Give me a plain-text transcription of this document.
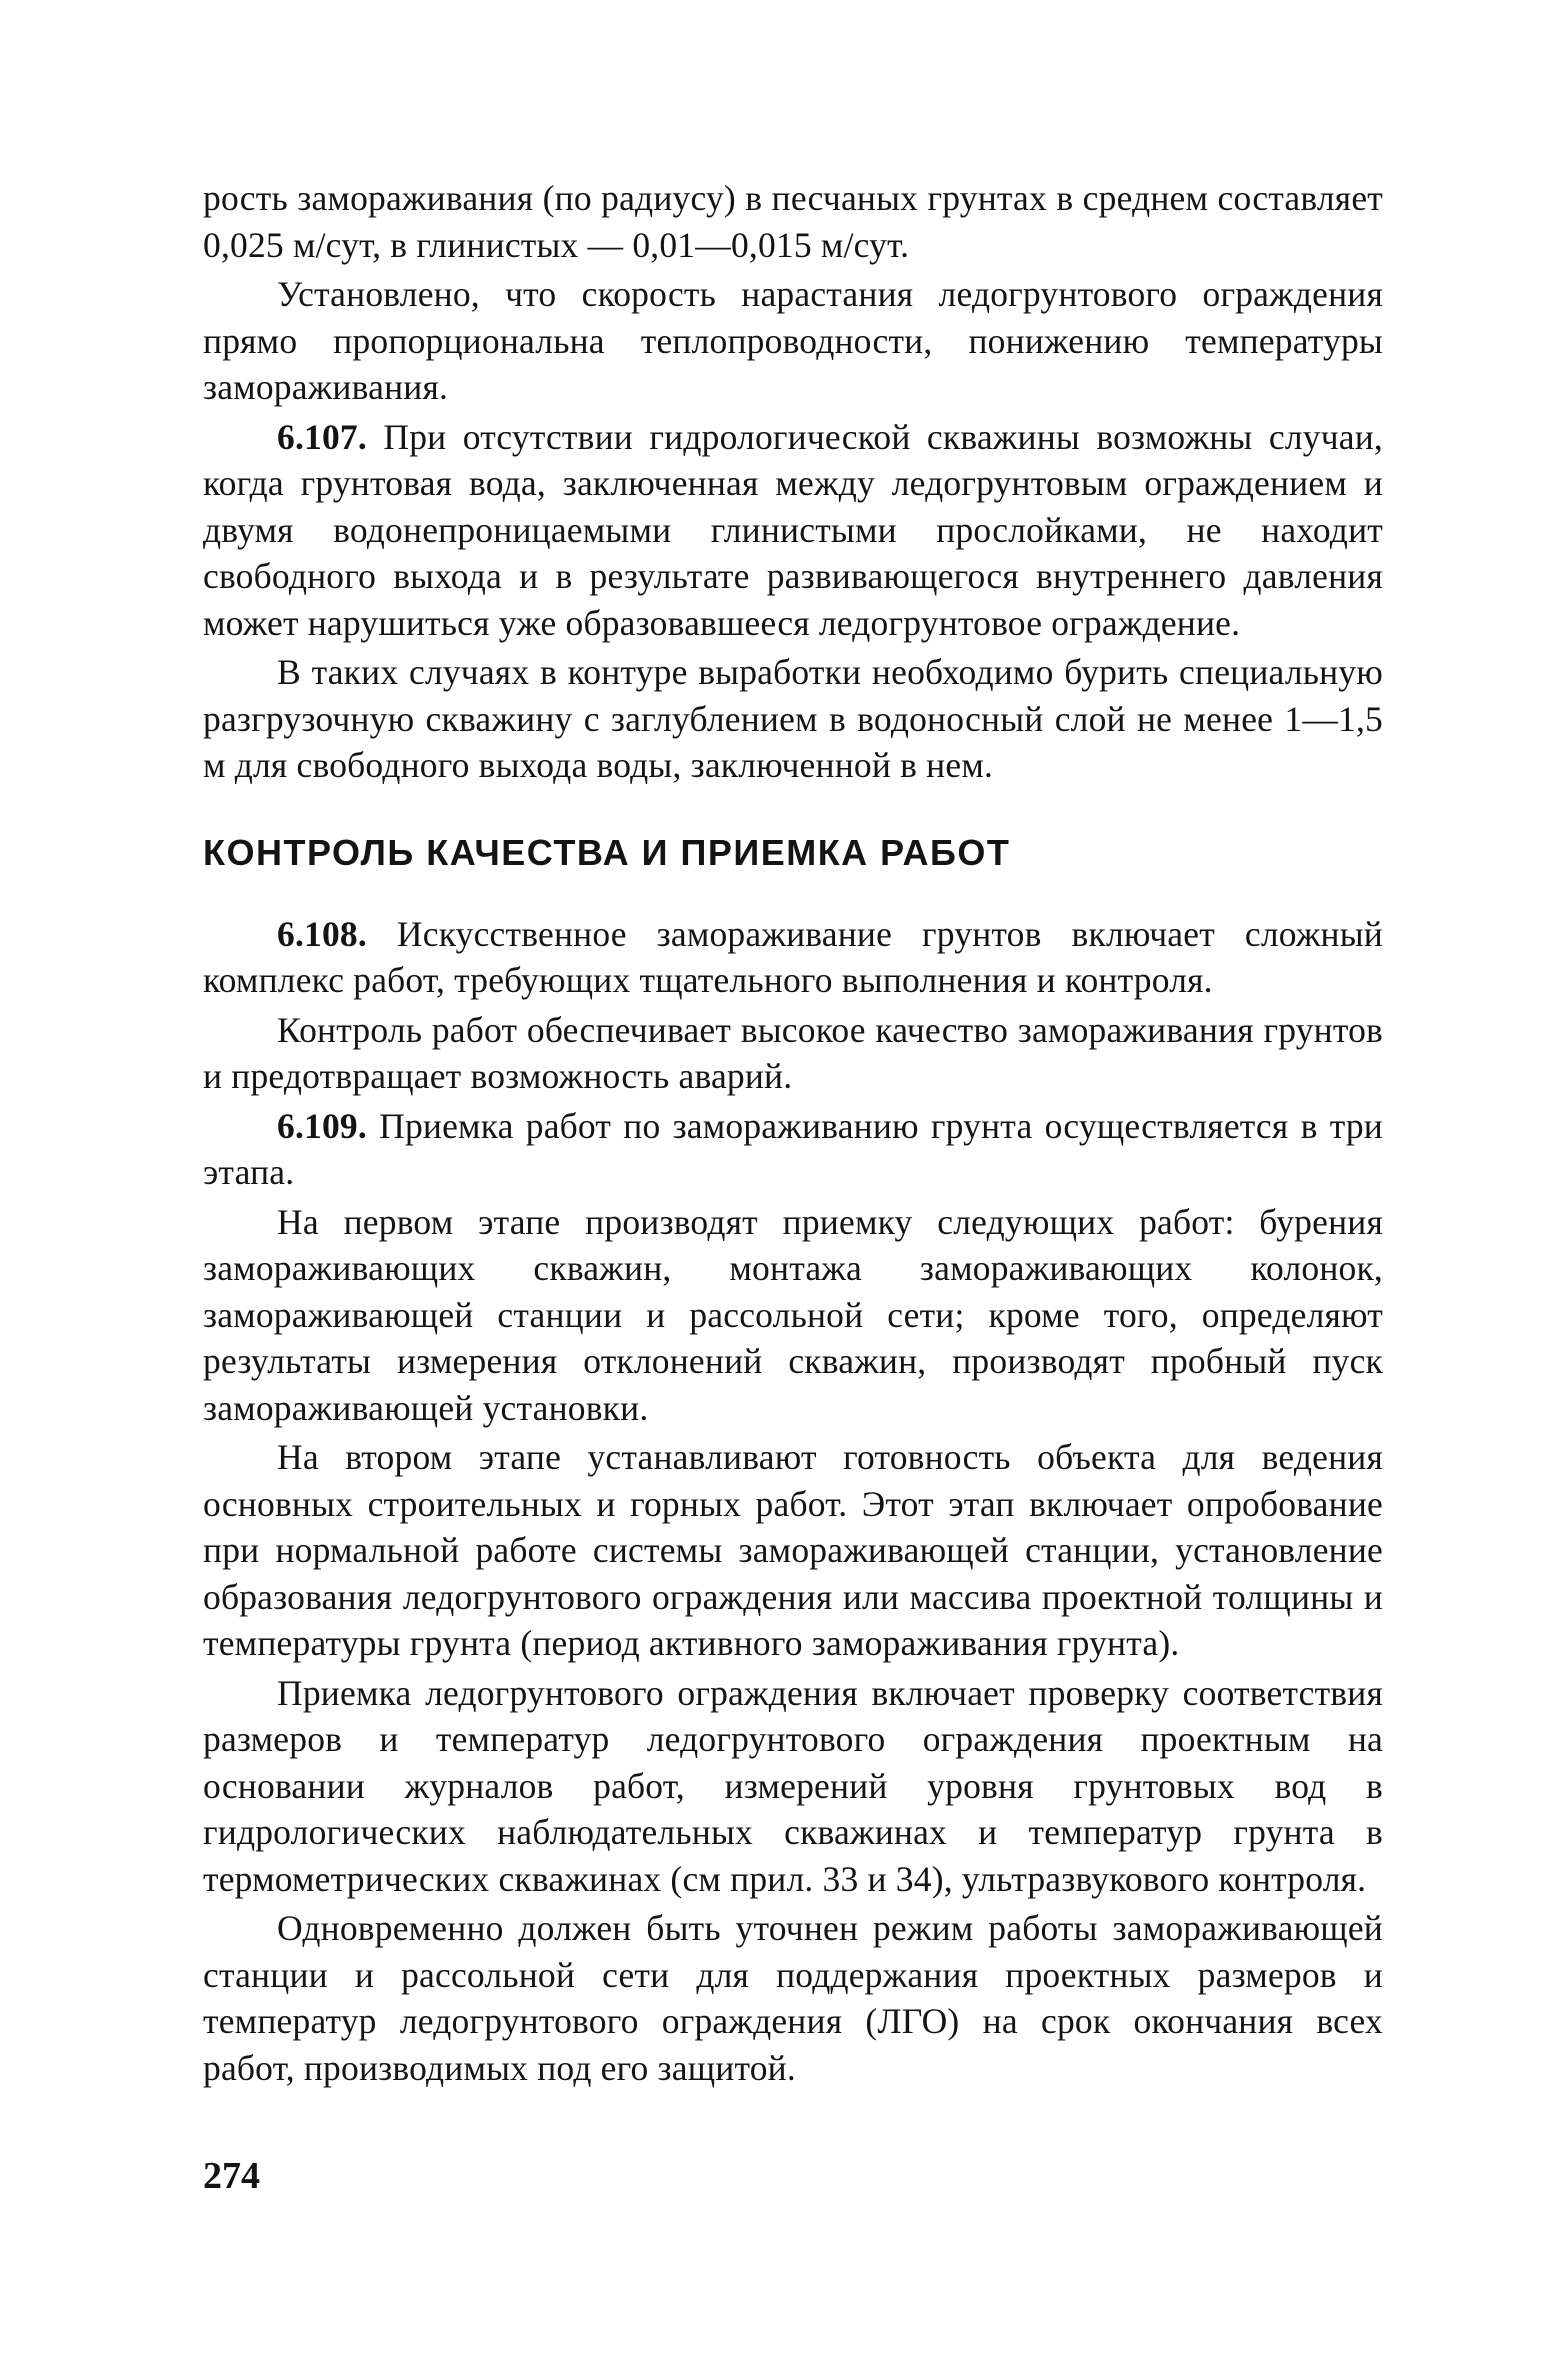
рость замораживания (по радиусу) в песчаных грунтах в среднем составляет 0,025 м/сут, в глинистых — 0,01—0,015 м/сут.

Установлено, что скорость нарастания ледогрунтового ограждения прямо пропорциональна теплопроводности, понижению температуры замораживания.

6.107. При отсутствии гидрологической скважины возможны случаи, когда грунтовая вода, заключенная между ледогрунтовым ограждением и двумя водонепроницаемыми глинистыми прослойками, не находит свободного выхода и в результате развивающегося внутреннего давления может нарушиться уже образовавшееся ледогрунтовое ограждение.

В таких случаях в контуре выработки необходимо бурить специальную разгрузочную скважину с заглублением в водоносный слой не менее 1—1,5 м для свободного выхода воды, заключенной в нем.

КОНТРОЛЬ КАЧЕСТВА И ПРИЕМКА РАБОТ

6.108. Искусственное замораживание грунтов включает сложный комплекс работ, требующих тщательного выполнения и контроля.

Контроль работ обеспечивает высокое качество замораживания грунтов и предотвращает возможность аварий.

6.109. Приемка работ по замораживанию грунта осуществляется в три этапа.

На первом этапе производят приемку следующих работ: бурения замораживающих скважин, монтажа замораживающих колонок, замораживающей станции и рассольной сети; кроме того, определяют результаты измерения отклонений скважин, производят пробный пуск замораживающей установки.

На втором этапе устанавливают готовность объекта для ведения основных строительных и горных работ. Этот этап включает опробование при нормальной работе системы замораживающей станции, установление образования ледогрунтового ограждения или массива проектной толщины и температуры грунта (период активного замораживания грунта).

Приемка ледогрунтового ограждения включает проверку соответствия размеров и температур ледогрунтового ограждения проектным на основании журналов работ, измерений уровня грунтовых вод в гидрологических наблюдательных скважинах и температур грунта в термометрических скважинах (см прил. 33 и 34), ультразвукового контроля.

Одновременно должен быть уточнен режим работы замораживающей станции и рассольной сети для поддержания проектных размеров и температур ледогрунтового ограждения (ЛГО) на срок окончания всех работ, производимых под его защитой.

274
